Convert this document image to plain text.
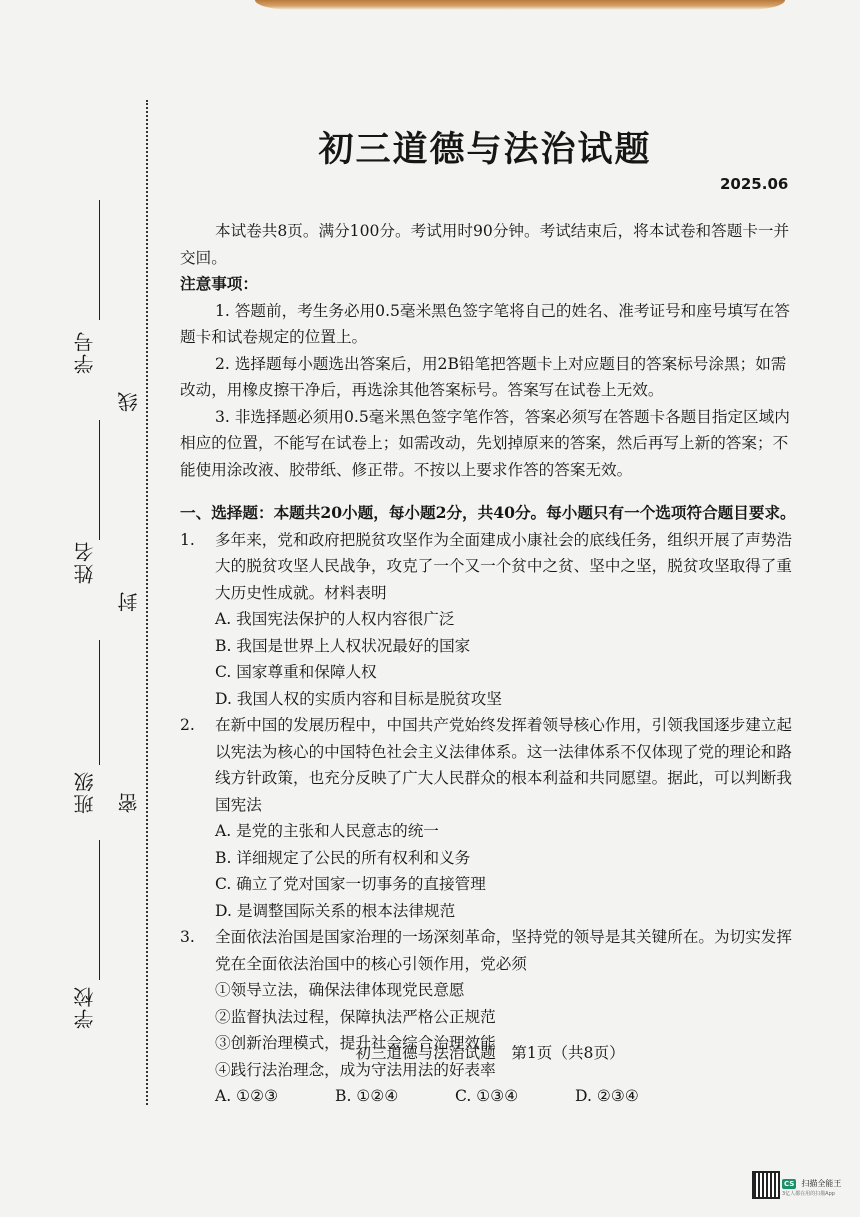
学号
姓名
班级
学校
线
封
密
初三道德与法治试题
2025.06

本试卷共8页。满分100分。考试用时90分钟。考试结束后，将本试卷和答题卡一并交回。

注意事项：

1. 答题前，考生务必用0.5毫米黑色签字笔将自己的姓名、准考证号和座号填写在答题卡和试卷规定的位置上。

2. 选择题每小题选出答案后，用2B铅笔把答题卡上对应题目的答案标号涂黑；如需改动，用橡皮擦干净后，再选涂其他答案标号。答案写在试卷上无效。

3. 非选择题必须用0.5毫米黑色签字笔作答，答案必须写在答题卡各题目指定区域内相应的位置，不能写在试卷上；如需改动，先划掉原来的答案，然后再写上新的答案；不能使用涂改液、胶带纸、修正带。不按以上要求作答的答案无效。

一、选择题：本题共20小题，每小题2分，共40分。每小题只有一个选项符合题目要求。

1.	多年来，党和政府把脱贫攻坚作为全面建成小康社会的底线任务，组织开展了声势浩大的脱贫攻坚人民战争，攻克了一个又一个贫中之贫、坚中之坚，脱贫攻坚取得了重大历史性成就。材料表明

A. 我国宪法保护的人权内容很广泛

B. 我国是世界上人权状况最好的国家

C. 国家尊重和保障人权

D. 我国人权的实质内容和目标是脱贫攻坚

2.	在新中国的发展历程中，中国共产党始终发挥着领导核心作用，引领我国逐步建立起以宪法为核心的中国特色社会主义法律体系。这一法律体系不仅体现了党的理论和路线方针政策，也充分反映了广大人民群众的根本利益和共同愿望。据此，可以判断我国宪法

A. 是党的主张和人民意志的统一

B. 详细规定了公民的所有权利和义务

C. 确立了党对国家一切事务的直接管理

D. 是调整国际关系的根本法律规范

3.	全面依法治国是国家治理的一场深刻革命，坚持党的领导是其关键所在。为切实发挥党在全面依法治国中的核心引领作用，党必须

①领导立法，确保法律体现党民意愿

②监督执法过程，保障执法严格公正规范

③创新治理模式，提升社会综合治理效能

④践行法治理念，成为守法用法的好表率

A. ①②③	B. ①②④	C. ①③④	D. ②③④
初三道德与法治试题　第1页（共8页）
CS 扫描全能王
3亿人都在用的扫描App
